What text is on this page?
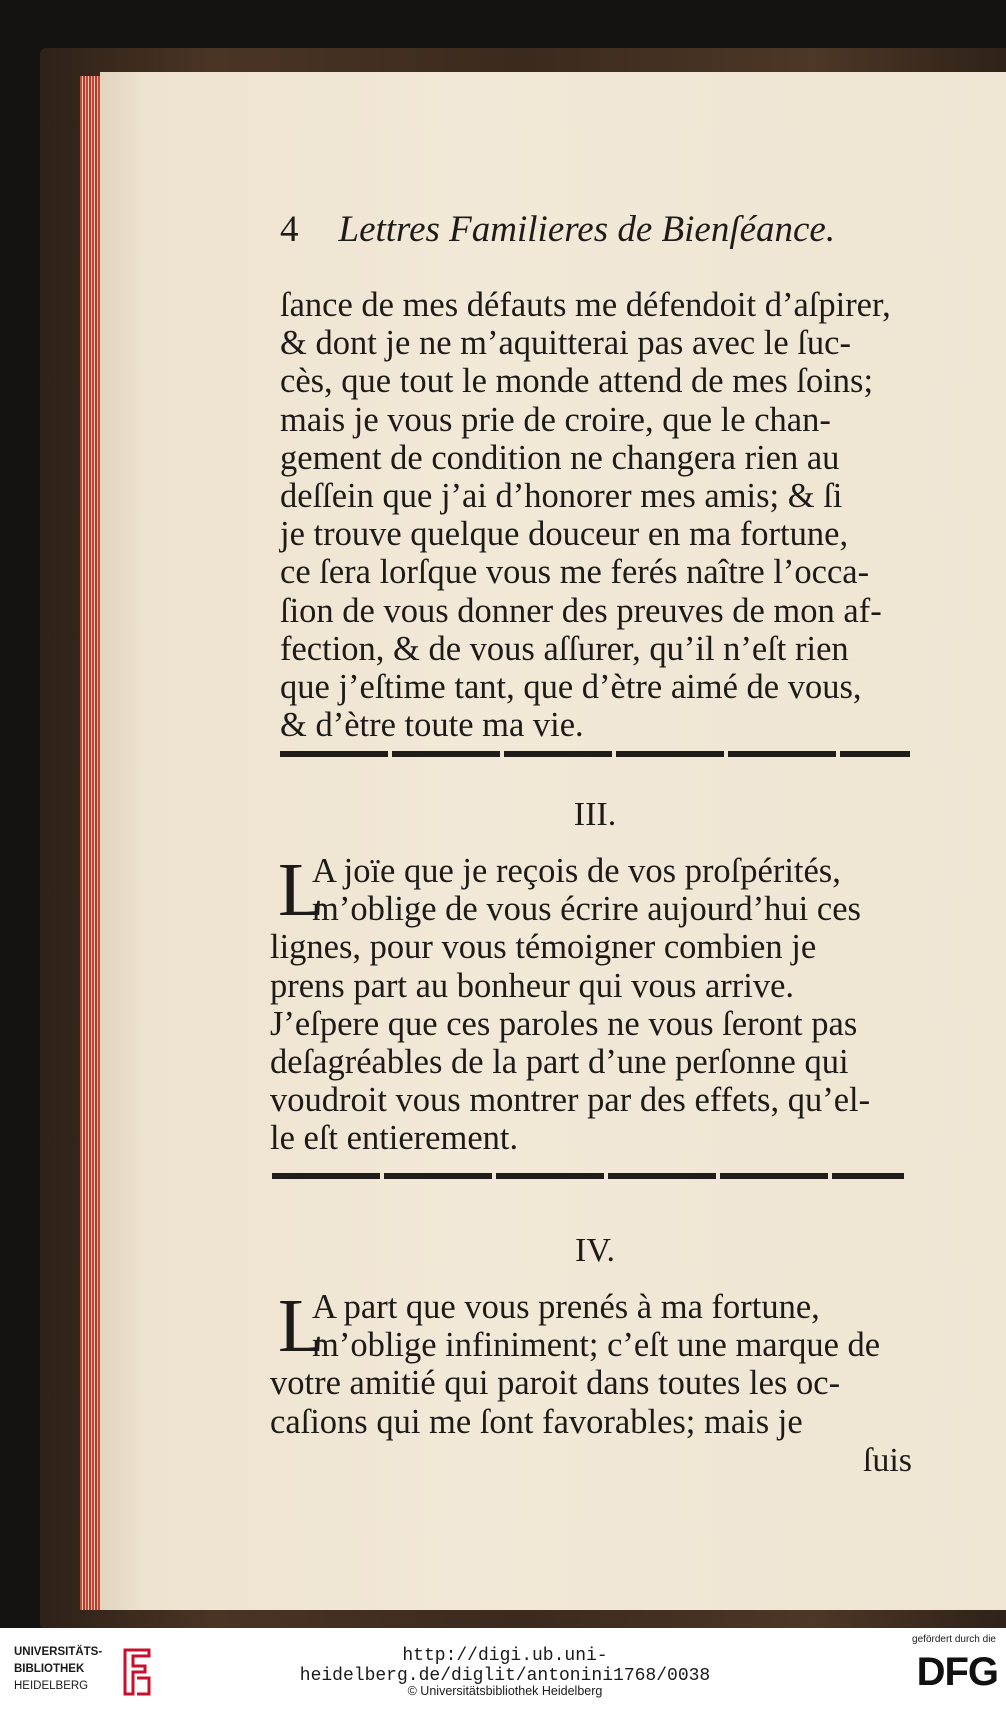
4 Lettres Familieres de Bienſéance.
ſance de mes défauts me défendoit d’aſpirer,
& dont je ne m’aquitterai pas avec le ſuc-
cès, que tout le monde attend de mes ſoins;
mais je vous prie de croire, que le chan-
gement de condition ne changera rien au
deſſein que j’ai d’honorer mes amis; & ſi
je trouve quelque douceur en ma fortune,
ce ſera lorſque vous me ferés naître l’occa-
ſion de vous donner des preuves de mon af-
fection, & de vous aſſurer, qu’il n’eſt rien
que j’eſtime tant, que d’ètre aimé de vous,
& d’ètre toute ma vie.
III.
L
A joïe que je reçois de vos proſpérités,
m’oblige de vous écrire aujourd’hui ces
lignes, pour vous témoigner combien je
prens part au bonheur qui vous arrive.
J’eſpere que ces paroles ne vous ſeront pas
deſagréables de la part d’une perſonne qui
voudroit vous montrer par des effets, qu’el-
le eſt entierement.
IV.
L
A part que vous prenés à ma fortune,
m’oblige infiniment; c’eſt une marque de
votre amitié qui paroit dans toutes les oc-
caſions qui me ſont favorables; mais je
ſuis
UNIVERSITÄTS-
BIBLIOTHEK
HEIDELBERG
http://digi.ub.uni-heidelberg.de/diglit/antonini1768/0038
© Universitätsbibliothek Heidelberg
gefördert durch die
DFG
